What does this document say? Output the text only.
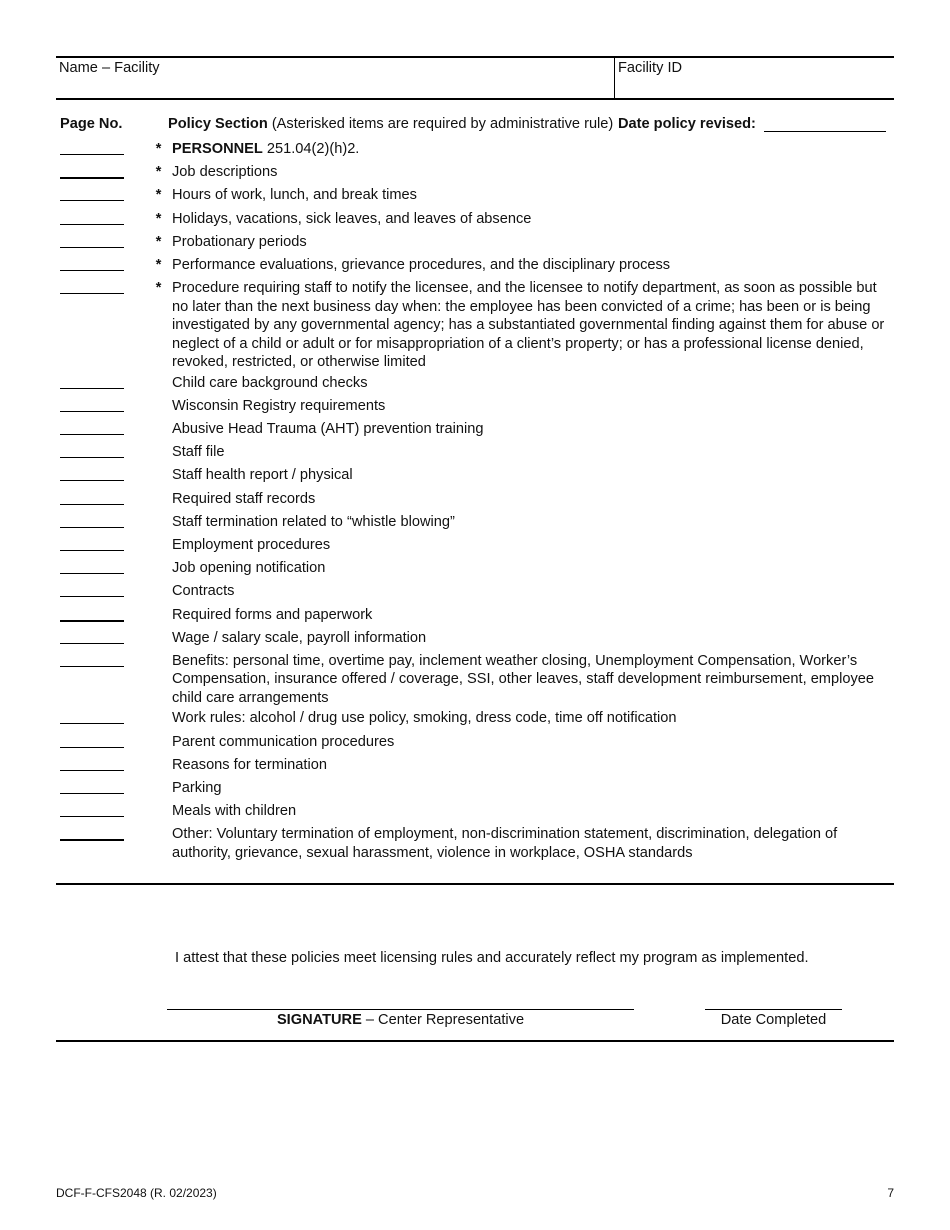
Name – Facility	Facility ID
Page No.	Policy Section (Asterisked items are required by administrative rule) Date policy revised:
* PERSONNEL 251.04(2)(h)2.
* Job descriptions
* Hours of work, lunch, and break times
* Holidays, vacations, sick leaves, and leaves of absence
* Probationary periods
* Performance evaluations, grievance procedures, and the disciplinary process
* Procedure requiring staff to notify the licensee, and the licensee to notify department, as soon as possible but no later than the next business day when: the employee has been convicted of a crime; has been or is being investigated by any governmental agency; has a substantiated governmental finding against them for abuse or neglect of a child or adult or for misappropriation of a client’s property; or has a professional license denied, revoked, restricted, or otherwise limited
Child care background checks
Wisconsin Registry requirements
Abusive Head Trauma (AHT) prevention training
Staff file
Staff health report / physical
Required staff records
Staff termination related to “whistle blowing”
Employment procedures
Job opening notification
Contracts
Required forms and paperwork
Wage / salary scale, payroll information
Benefits: personal time, overtime pay, inclement weather closing, Unemployment Compensation, Worker’s Compensation, insurance offered / coverage, SSI, other leaves, staff development reimbursement, employee child care arrangements
Work rules: alcohol / drug use policy, smoking, dress code, time off notification
Parent communication procedures
Reasons for termination
Parking
Meals with children
Other: Voluntary termination of employment, non-discrimination statement, discrimination, delegation of authority, grievance, sexual harassment, violence in workplace, OSHA standards
I attest that these policies meet licensing rules and accurately reflect my program as implemented.
SIGNATURE – Center Representative	Date Completed
DCF-F-CFS2048 (R. 02/2023)	7
